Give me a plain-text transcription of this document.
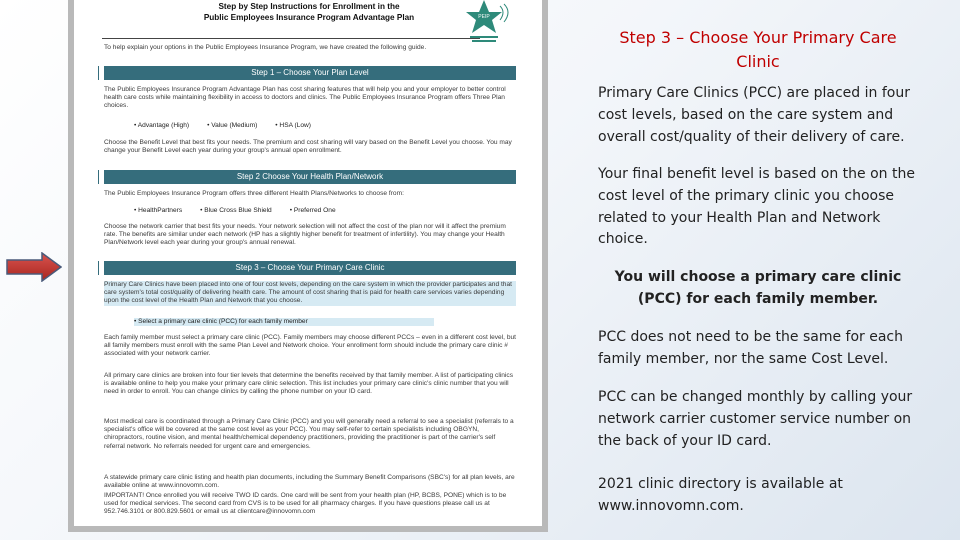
Step by Step Instructions for Enrollment in the
Public Employees Insurance Program Advantage Plan	PEIP

To help explain your options in the Public Employees Insurance Program, we have created the following guide.

Step 1 – Choose Your Plan Level

The Public Employees Insurance Program Advantage Plan has cost sharing features that will help you and your employer to better control health care costs while maintaining flexibility in access to doctors and clinics. The Public Employees Insurance Program offers Three Plan choices.

• Advantage (High)	• Value (Medium)	• HSA (Low)

Choose the Benefit Level that best fits your needs. The premium and cost sharing will vary based on the Benefit Level you choose. You may change your Benefit Level each year during your group's annual open enrollment.

Step 2 Choose Your Health Plan/Network

The Public Employees Insurance Program offers three different Health Plans/Networks to choose from:

• HealthPartners	• Blue Cross Blue Shield	• Preferred One

Choose the network carrier that best fits your needs. Your network selection will not affect the cost of the plan nor will it affect the premium rate. The benefits are similar under each network (HP has a slightly higher benefit for treatment of infertility). You may change your Health Plan/Network level each year during your group's annual renewal.

Step 3 – Choose Your Primary Care Clinic

Primary Care Clinics have been placed into one of four cost levels, depending on the care system in which the provider participates and that care system's total cost/quality of delivering health care. The amount of cost sharing that is paid for health care services varies depending upon the cost level of the Health Plan and Network that you choose.

• Select a primary care clinic (PCC) for each family member

Each family member must select a primary care clinic (PCC). Family members may choose different PCCs – even in a different cost level, but all family members must enroll with the same Plan Level and Network choice. Your enrollment form should include the primary care clinic # associated with your network carrier.

All primary care clinics are broken into four tier levels that determine the benefits received by that family member. A list of participating clinics is available online to help you make your primary care clinic selection. This list includes your primary care clinic's clinic number that you will need in order to enroll. You can change clinics by calling the phone number on your ID card.

Most medical care is coordinated through a Primary Care Clinic (PCC) and you will generally need a referral to see a specialist (referrals to a specialist's office will be covered at the same cost level as your PCC). You may self-refer to certain specialists including OBGYN, chiropractors, routine vision, and mental health/chemical dependency practitioners, providing the practitioner is part of the carrier's self referral network. No referrals needed for urgent care and emergencies.

A statewide primary care clinic listing and health plan documents, including the Summary Benefit Comparisons (SBC's) for all plan levels, are available online at www.innovomn.com.

IMPORTANT! Once enrolled you will receive TWO ID cards. One card will be sent from your health plan (HP, BCBS, PONE) which is to be used for medical services. The second card from CVS is to be used for all pharmacy charges. If you have questions please call us at 952.746.3101 or 800.829.5601 or email us at clientcare@innovomn.com

Step 3 – Choose Your Primary Care Clinic

Primary Care Clinics (PCC) are placed in four cost levels, based on the care system and overall cost/quality of their delivery of care.

Your final benefit level is based on the on the cost level of the primary clinic you choose related to your Health Plan and Network choice.

You will choose a primary care clinic (PCC) for each family member.

PCC does not need to be the same for each family member, nor the same Cost Level.

PCC can be changed monthly by calling your network carrier customer service number on the back of your ID card.

2021 clinic directory is available at www.innovomn.com.
